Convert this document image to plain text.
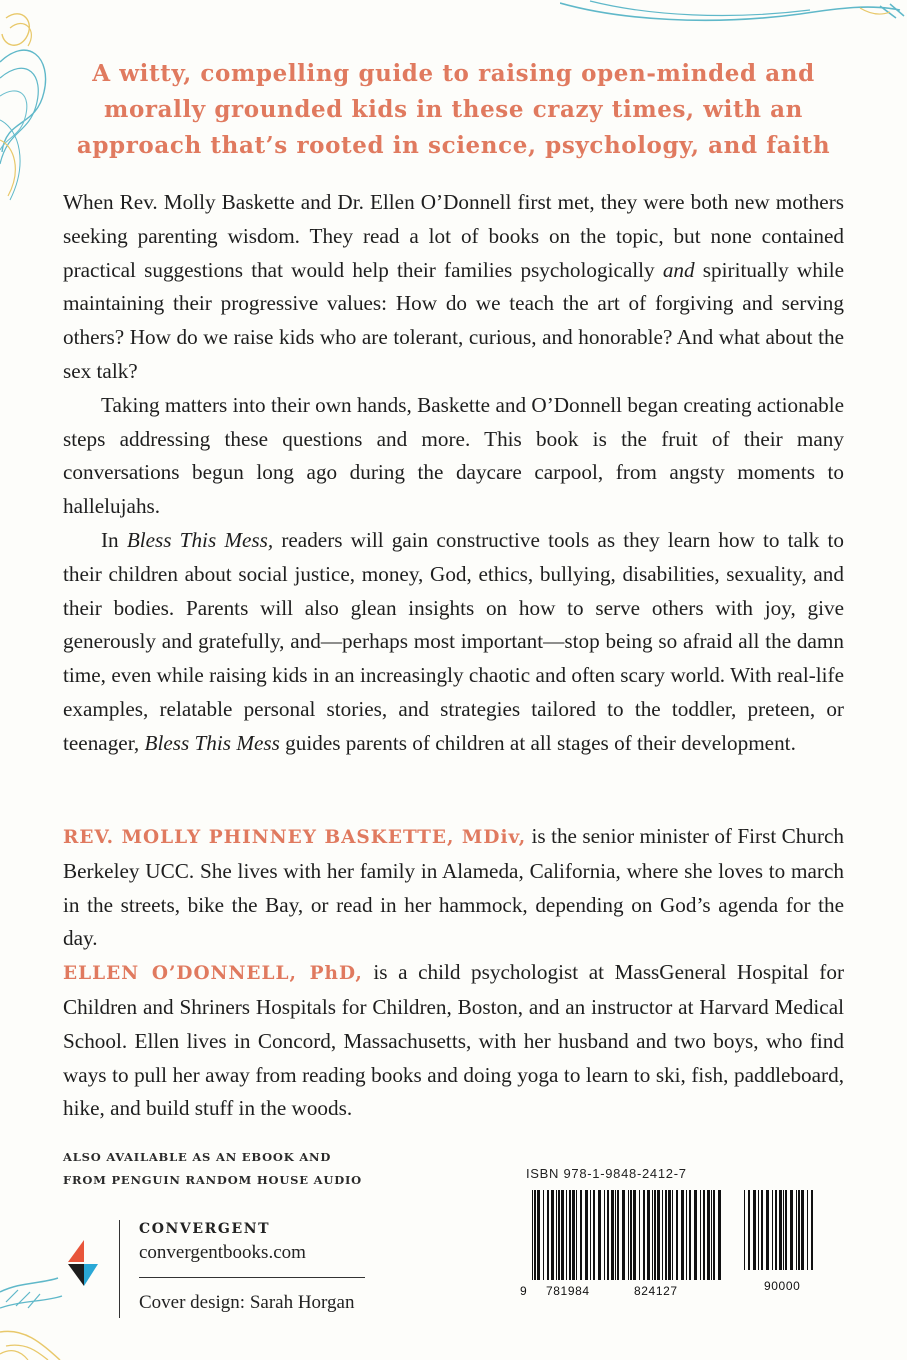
A witty, compelling guide to raising open-minded and
morally grounded kids in these crazy times, with an
approach that’s rooted in science, psychology, and faith

When Rev. Molly Baskette and Dr. Ellen O’Donnell first met, they were both new mothers seeking parenting wisdom. They read a lot of books on the topic, but none contained practical suggestions that would help their families psychologically and spiritually while maintaining their progressive values: How do we teach the art of forgiving and serving others? How do we raise kids who are tolerant, curious, and honorable? And what about the sex talk?

Taking matters into their own hands, Baskette and O’Donnell began creating actionable steps addressing these questions and more. This book is the fruit of their many conversations begun long ago during the daycare carpool, from angsty moments to hallelujahs.

In Bless This Mess, readers will gain constructive tools as they learn how to talk to their children about social justice, money, God, ethics, bullying, disabilities, sexuality, and their bodies. Parents will also glean insights on how to serve others with joy, give generously and gratefully, and—perhaps most important—stop being so afraid all the damn time, even while raising kids in an increasingly chaotic and often scary world. With real-life examples, relatable personal stories, and strategies tailored to the toddler, preteen, or teenager, Bless This Mess guides parents of children at all stages of their development.

REV. MOLLY PHINNEY BASKETTE, MDiv, is the senior minister of First Church Berkeley UCC. She lives with her family in Alameda, California, where she loves to march in the streets, bike the Bay, or read in her hammock, depending on God’s agenda for the day.

ELLEN O’DONNELL, PhD, is a child psychologist at MassGeneral Hospital for Children and Shriners Hospitals for Children, Boston, and an instructor at Harvard Medical School. Ellen lives in Concord, Massachusetts, with her husband and two boys, who find ways to pull her away from reading books and doing yoga to learn to ski, fish, paddleboard, hike, and build stuff in the woods.

ALSO AVAILABLE AS AN EBOOK AND
FROM PENGUIN RANDOM HOUSE AUDIO
CONVERGENT
convergentbooks.com
Cover design: Sarah Horgan
ISBN 978-1-9848-2412-7
9 781984	824127	90000
